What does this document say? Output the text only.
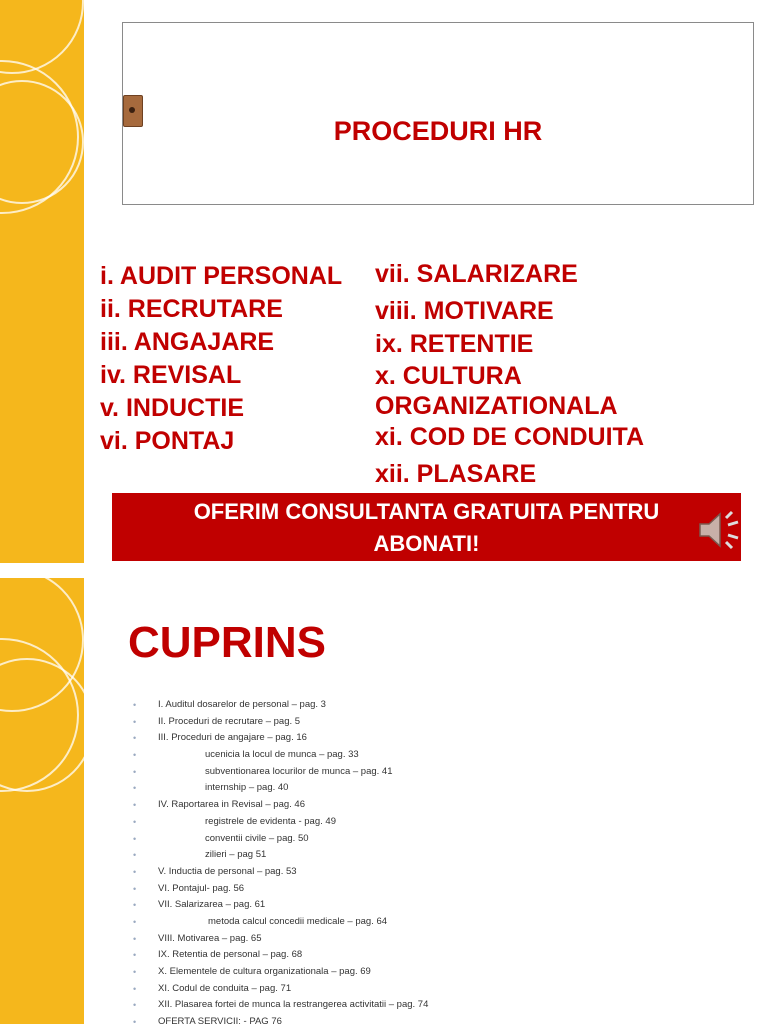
PROCEDURI HR
i. AUDIT PERSONAL
ii. RECRUTARE
iii. ANGAJARE
iv. REVISAL
v. INDUCTIE
vi. PONTAJ
vii. SALARIZARE
viii. MOTIVARE
ix. RETENTIE
x. CULTURA
ORGANIZATIONALA
xi. COD DE CONDUITA
xii. PLASARE
OFERIM CONSULTANTA GRATUITA PENTRU
ABONATI!
CUPRINS
• I. Auditul dosarelor de personal – pag. 3
• II. Proceduri de recrutare – pag. 5
• III. Proceduri de angajare – pag. 16
•	ucenicia la locul de munca – pag. 33
•	subventionarea locurilor de munca – pag. 41
•	internship – pag. 40
• IV. Raportarea in Revisal – pag. 46
•	registrele de evidenta - pag. 49
•	conventii civile – pag. 50
•	zilieri – pag 51
• V. Inductia de personal – pag. 53
• VI. Pontajul- pag. 56
• VII. Salarizarea – pag. 61
•	metoda calcul concedii medicale – pag. 64
• VIII. Motivarea – pag. 65
• IX. Retentia de personal – pag. 68
• X. Elementele de cultura organizationala – pag. 69
• XI. Codul de conduita – pag. 71
• XII. Plasarea fortei de munca la restrangerea activitatii – pag. 74
• OFERTA SERVICII: - PAG 76
